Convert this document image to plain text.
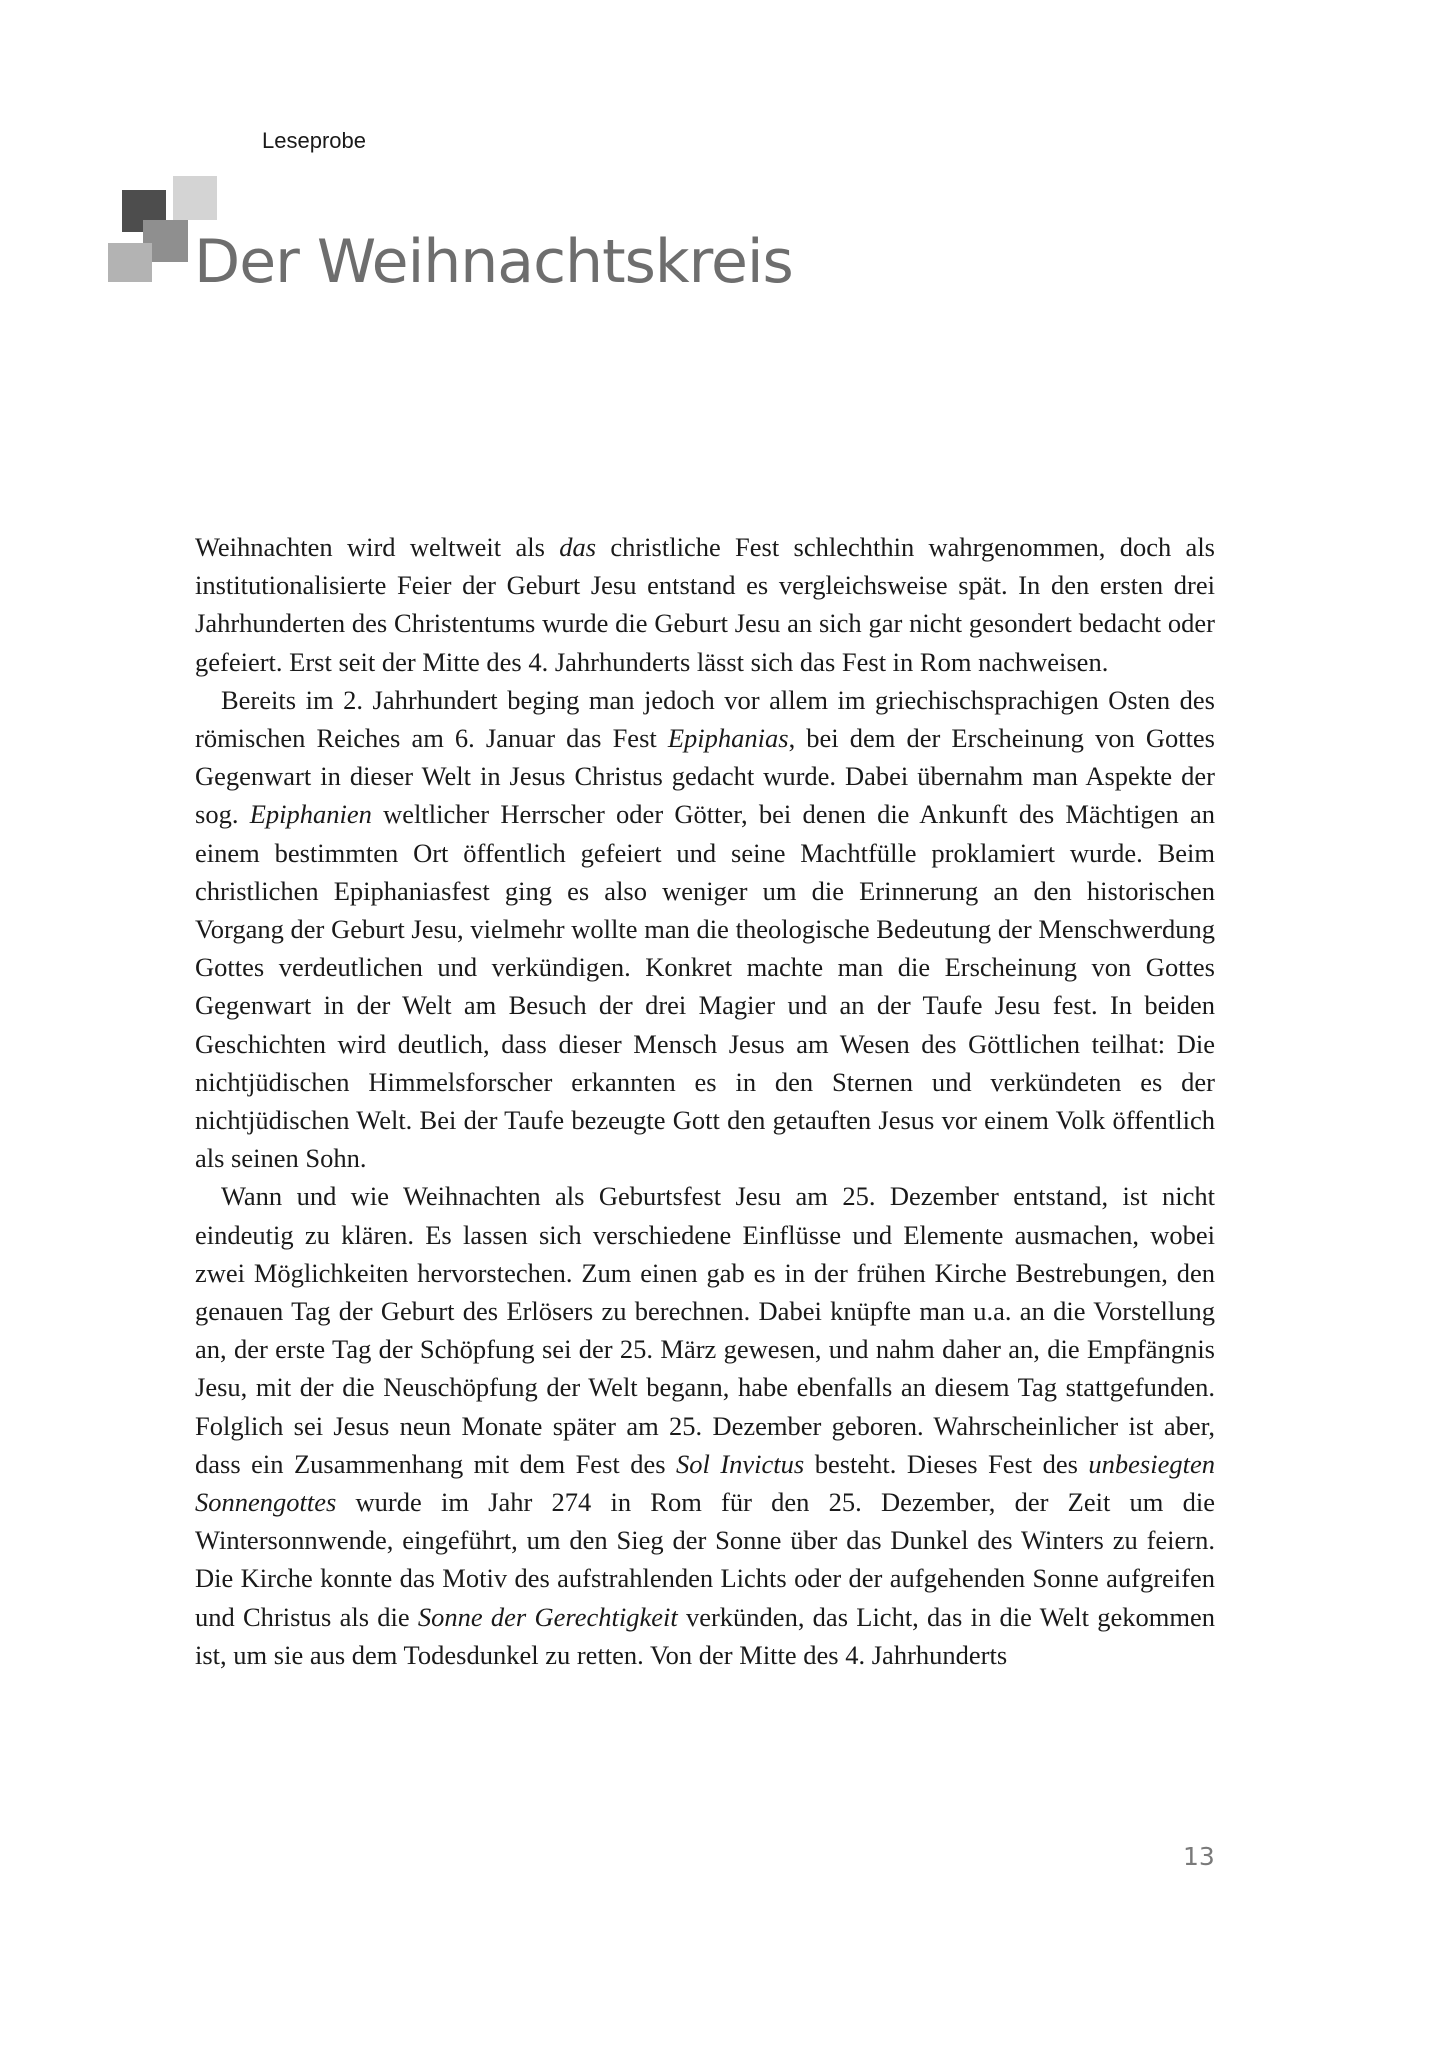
Leseprobe
Der Weihnachtskreis

Weihnachten wird weltweit als das christliche Fest schlechthin wahrgenommen, doch als institutionalisierte Feier der Geburt Jesu entstand es vergleichsweise spät. In den ersten drei Jahrhunderten des Christentums wurde die Geburt Jesu an sich gar nicht gesondert bedacht oder gefeiert. Erst seit der Mitte des 4. Jahrhunderts lässt sich das Fest in Rom nachweisen.

Bereits im 2. Jahrhundert beging man jedoch vor allem im griechischsprachigen Osten des römischen Reiches am 6. Januar das Fest Epiphanias, bei dem der Erscheinung von Gottes Gegenwart in dieser Welt in Jesus Christus gedacht wurde. Dabei übernahm man Aspekte der sog. Epiphanien weltlicher Herrscher oder Götter, bei denen die Ankunft des Mächtigen an einem bestimmten Ort öffentlich gefeiert und seine Machtfülle proklamiert wurde. Beim christlichen Epiphaniasfest ging es also weniger um die Erinnerung an den historischen Vorgang der Geburt Jesu, vielmehr wollte man die theologische Bedeutung der Menschwerdung Gottes verdeutlichen und verkündigen. Konkret machte man die Erscheinung von Gottes Gegenwart in der Welt am Besuch der drei Magier und an der Taufe Jesu fest. In beiden Geschichten wird deutlich, dass dieser Mensch Jesus am Wesen des Göttlichen teilhat: Die nichtjüdischen Himmelsforscher erkannten es in den Sternen und verkündeten es der nichtjüdischen Welt. Bei der Taufe bezeugte Gott den getauften Jesus vor einem Volk öffentlich als seinen Sohn.

Wann und wie Weihnachten als Geburtsfest Jesu am 25. Dezember entstand, ist nicht eindeutig zu klären. Es lassen sich verschiedene Einflüsse und Elemente ausmachen, wobei zwei Möglichkeiten hervorstechen. Zum einen gab es in der frühen Kirche Bestrebungen, den genauen Tag der Geburt des Erlösers zu berechnen. Dabei knüpfte man u.a. an die Vorstellung an, der erste Tag der Schöpfung sei der 25. März gewesen, und nahm daher an, die Empfängnis Jesu, mit der die Neuschöpfung der Welt begann, habe ebenfalls an diesem Tag stattgefunden. Folglich sei Jesus neun Monate später am 25. Dezember geboren. Wahrscheinlicher ist aber, dass ein Zusammenhang mit dem Fest des Sol Invictus besteht. Dieses Fest des unbesiegten Sonnengottes wurde im Jahr 274 in Rom für den 25. Dezember, der Zeit um die Wintersonnwende, eingeführt, um den Sieg der Sonne über das Dunkel des Winters zu feiern. Die Kirche konnte das Motiv des aufstrahlenden Lichts oder der aufgehenden Sonne aufgreifen und Christus als die Sonne der Gerechtigkeit verkünden, das Licht, das in die Welt gekommen ist, um sie aus dem Todesdunkel zu retten. Von der Mitte des 4. Jahrhunderts

13
